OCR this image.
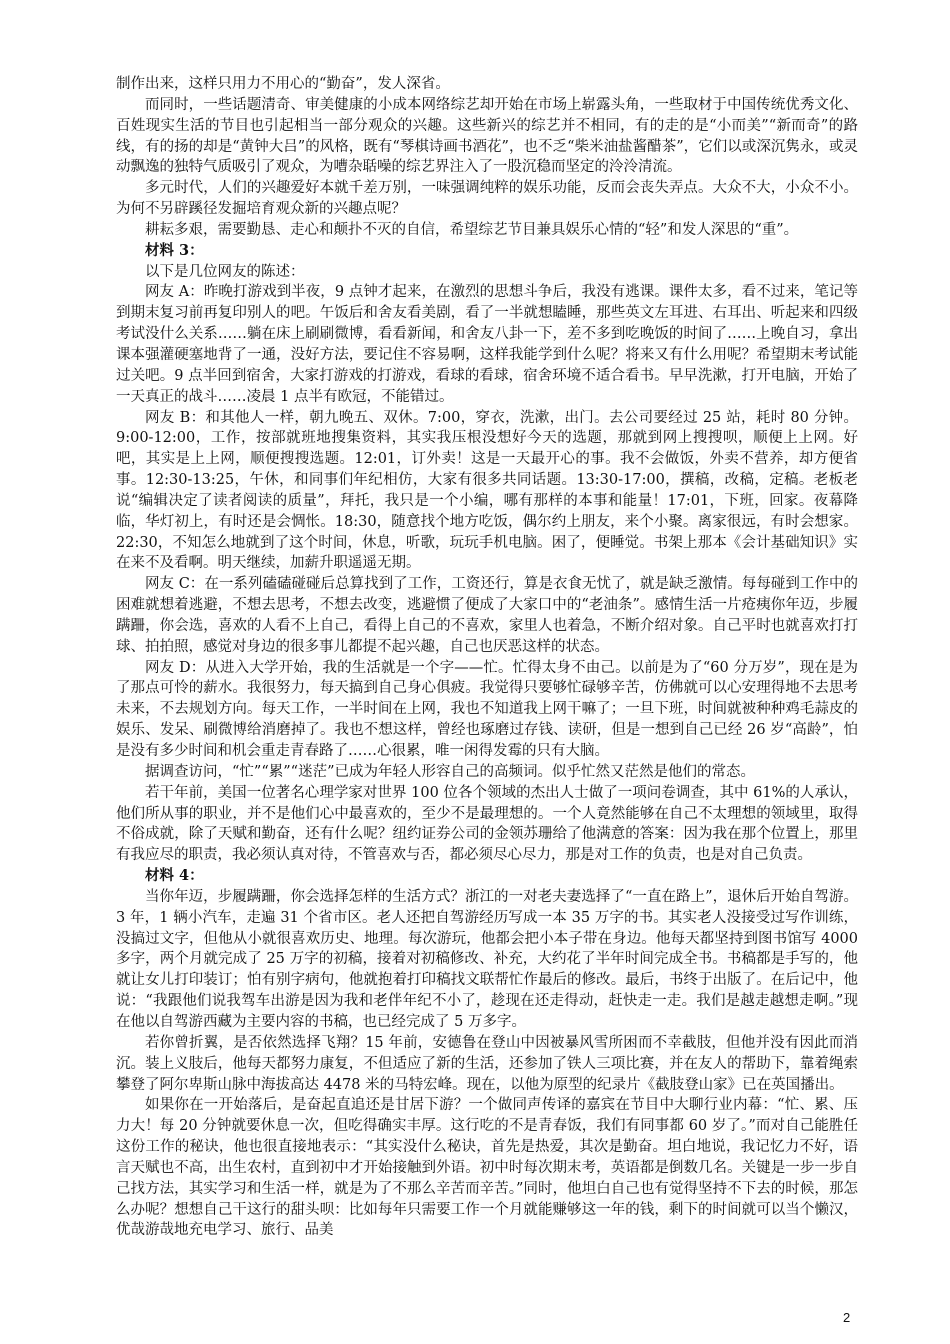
制作出来，这样只用力不用心的“勤奋”，发人深省。

而同时，一些话题清奇、审美健康的小成本网络综艺却开始在市场上崭露头角，一些取材于中国传统优秀文化、百姓现实生活的节目也引起相当一部分观众的兴趣。这些新兴的综艺并不相同，有的走的是“小而美”“新而奇”的路线，有的扬的却是“黄钟大吕”的风格，既有“琴棋诗画书酒花”，也不乏“柴米油盐酱醋茶”，它们以或深沉隽永，或灵动飘逸的独特气质吸引了观众，为嘈杂聒噪的综艺界注入了一股沉稳而坚定的泠泠清流。

多元时代，人们的兴趣爱好本就千差万别，一味强调纯粹的娱乐功能，反而会丧失弄点。大众不大，小众不小。为何不另辟蹊径发掘培育观众新的兴趣点呢？

耕耘多艰，需要勤恳、走心和颠扑不灭的自信，希望综艺节目兼具娱乐心情的“轻”和发人深思的“重”。

材料 3：

以下是几位网友的陈述：

网友 A：昨晚打游戏到半夜，9 点钟才起来，在激烈的思想斗争后，我没有逃课。课件太多，看不过来，笔记等到期末复习前再复印别人的吧。午饭后和舍友看美剧，看了一半就想瞌睡，那些英文左耳进、右耳出、听起来和四级考试没什么关系……躺在床上刷刷微博，看看新闻，和舍友八卦一下，差不多到吃晚饭的时间了……上晚自习，拿出课本强灌硬塞地背了一通，没好方法，要记住不容易啊，这样我能学到什么呢？将来又有什么用呢？希望期末考试能过关吧。9 点半回到宿舍，大家打游戏的打游戏，看球的看球，宿舍环境不适合看书。早早洗漱，打开电脑，开始了一天真正的战斗……凌晨 1 点半有欧冠，不能错过。

网友 B：和其他人一样，朝九晚五、双休。7:00，穿衣，洗漱，出门。去公司要经过 25 站，耗时 80 分钟。9:00-12:00，工作，按部就班地搜集资料，其实我压根没想好今天的选题，那就到网上搜搜呗，顺便上上网。好吧，其实是上上网，顺便搜搜选题。12:01，订外卖！这是一天最开心的事。我不会做饭，外卖不营养，却方便省事。12:30-13:25，午休，和同事们年纪相仿，大家有很多共同话题。13:30-17:00，撰稿，改稿，定稿。老板老说“编辑决定了读者阅读的质量”，拜托，我只是一个小编，哪有那样的本事和能量！17:01，下班，回家。夜幕降临，华灯初上，有时还是会惆怅。18:30，随意找个地方吃饭，偶尔约上朋友，来个小聚。离家很远，有时会想家。22:30，不知怎么地就到了这个时间，休息，听歌，玩玩手机电脑。困了，便睡觉。书架上那本《会计基础知识》实在来不及看啊。明天继续，加薪升职遥遥无期。

网友 C：在一系列磕磕碰碰后总算找到了工作，工资还行，算是衣食无忧了，就是缺乏激情。每每碰到工作中的困难就想着逃避，不想去思考，不想去改变，逃避惯了便成了大家口中的“老油条”。感情生活一片疮痍你年迈，步履蹒跚，你会选，喜欢的人看不上自己，看得上自己的不喜欢，家里人也着急，不断介绍对象。自己平时也就喜欢打打球、拍拍照，感觉对身边的很多事儿都提不起兴趣，自己也厌恶这样的状态。

网友 D：从进入大学开始，我的生活就是一个字——忙。忙得太身不由己。以前是为了“60 分万岁”，现在是为了那点可怜的薪水。我很努力，每天搞到自己身心俱疲。我觉得只要够忙碌够辛苦，仿佛就可以心安理得地不去思考未来，不去规划方向。每天工作，一半时间在上网，我也不知道我上网干嘛了；一旦下班，时间就被种种鸡毛蒜皮的娱乐、发呆、刷微博给消磨掉了。我也不想这样，曾经也琢磨过存钱、读研，但是一想到自己已经 26 岁“高龄”，怕是没有多少时间和机会重走青春路了……心很累，唯一闲得发霉的只有大脑。

据调查访问，“忙”“累”“迷茫”已成为年轻人形容自己的高频词。似乎忙然又茫然是他们的常态。

若干年前，美国一位著名心理学家对世界 100 位各个领域的杰出人士做了一项问卷调查，其中 61%的人承认，他们所从事的职业，并不是他们心中最喜欢的，至少不是最理想的。一个人竟然能够在自己不太理想的领域里，取得不俗成就，除了天赋和勤奋，还有什么呢？纽约证券公司的金领苏珊给了他满意的答案：因为我在那个位置上，那里有我应尽的职责，我必须认真对待，不管喜欢与否，都必须尽心尽力，那是对工作的负责，也是对自己负责。

材料 4：

当你年迈，步履蹒跚，你会选择怎样的生活方式？浙江的一对老夫妻选择了“一直在路上”，退休后开始自驾游。3 年，1 辆小汽车，走遍 31 个省市区。老人还把自驾游经历写成一本 35 万字的书。其实老人没接受过写作训练，没搞过文字，但他从小就很喜欢历史、地理。每次游玩，他都会把小本子带在身边。他每天都坚持到图书馆写 4000 多字，两个月就完成了 25 万字的初稿，接着对初稿修改、补充，大约花了半年时间完成全书。书稿都是手写的，他就让女儿打印装订；怕有别字病句，他就抱着打印稿找文联帮忙作最后的修改。最后，书终于出版了。在后记中，他说：“我跟他们说我驾车出游是因为我和老伴年纪不小了，趁现在还走得动，赶快走一走。我们是越走越想走啊。”现在他以自驾游西藏为主要内容的书稿，也已经完成了 5 万多字。

若你曾折翼，是否依然选择飞翔？15 年前，安德鲁在登山中因被暴风雪所困而不幸截肢，但他并没有因此而消沉。装上义肢后，他每天都努力康复，不但适应了新的生活，还参加了铁人三项比赛，并在友人的帮助下，靠着绳索攀登了阿尔卑斯山脉中海拔高达 4478 米的马特宏峰。现在，以他为原型的纪录片《截肢登山家》已在英国播出。

如果你在一开始落后，是奋起直追还是甘居下游？一个做同声传译的嘉宾在节目中大聊行业内幕：“忙、累、压力大！每 20 分钟就要休息一次，但吃得确实丰厚。这行吃的不是青春饭，我们有同事都 60 岁了。”而对自己能胜任这份工作的秘诀，他也很直接地表示：“其实没什么秘诀，首先是热爱，其次是勤奋。坦白地说，我记忆力不好，语言天赋也不高，出生农村，直到初中才开始接触到外语。初中时每次期末考，英语都是倒数几名。关键是一步一步自己找方法，其实学习和生活一样，就是为了不那么辛苦而辛苦。”同时，他坦白自己也有觉得坚持不下去的时候，那怎么办呢？想想自己干这行的甜头呗：比如每年只需要工作一个月就能赚够这一年的钱，剩下的时间就可以当个懒汉，优哉游哉地充电学习、旅行、品美

2
